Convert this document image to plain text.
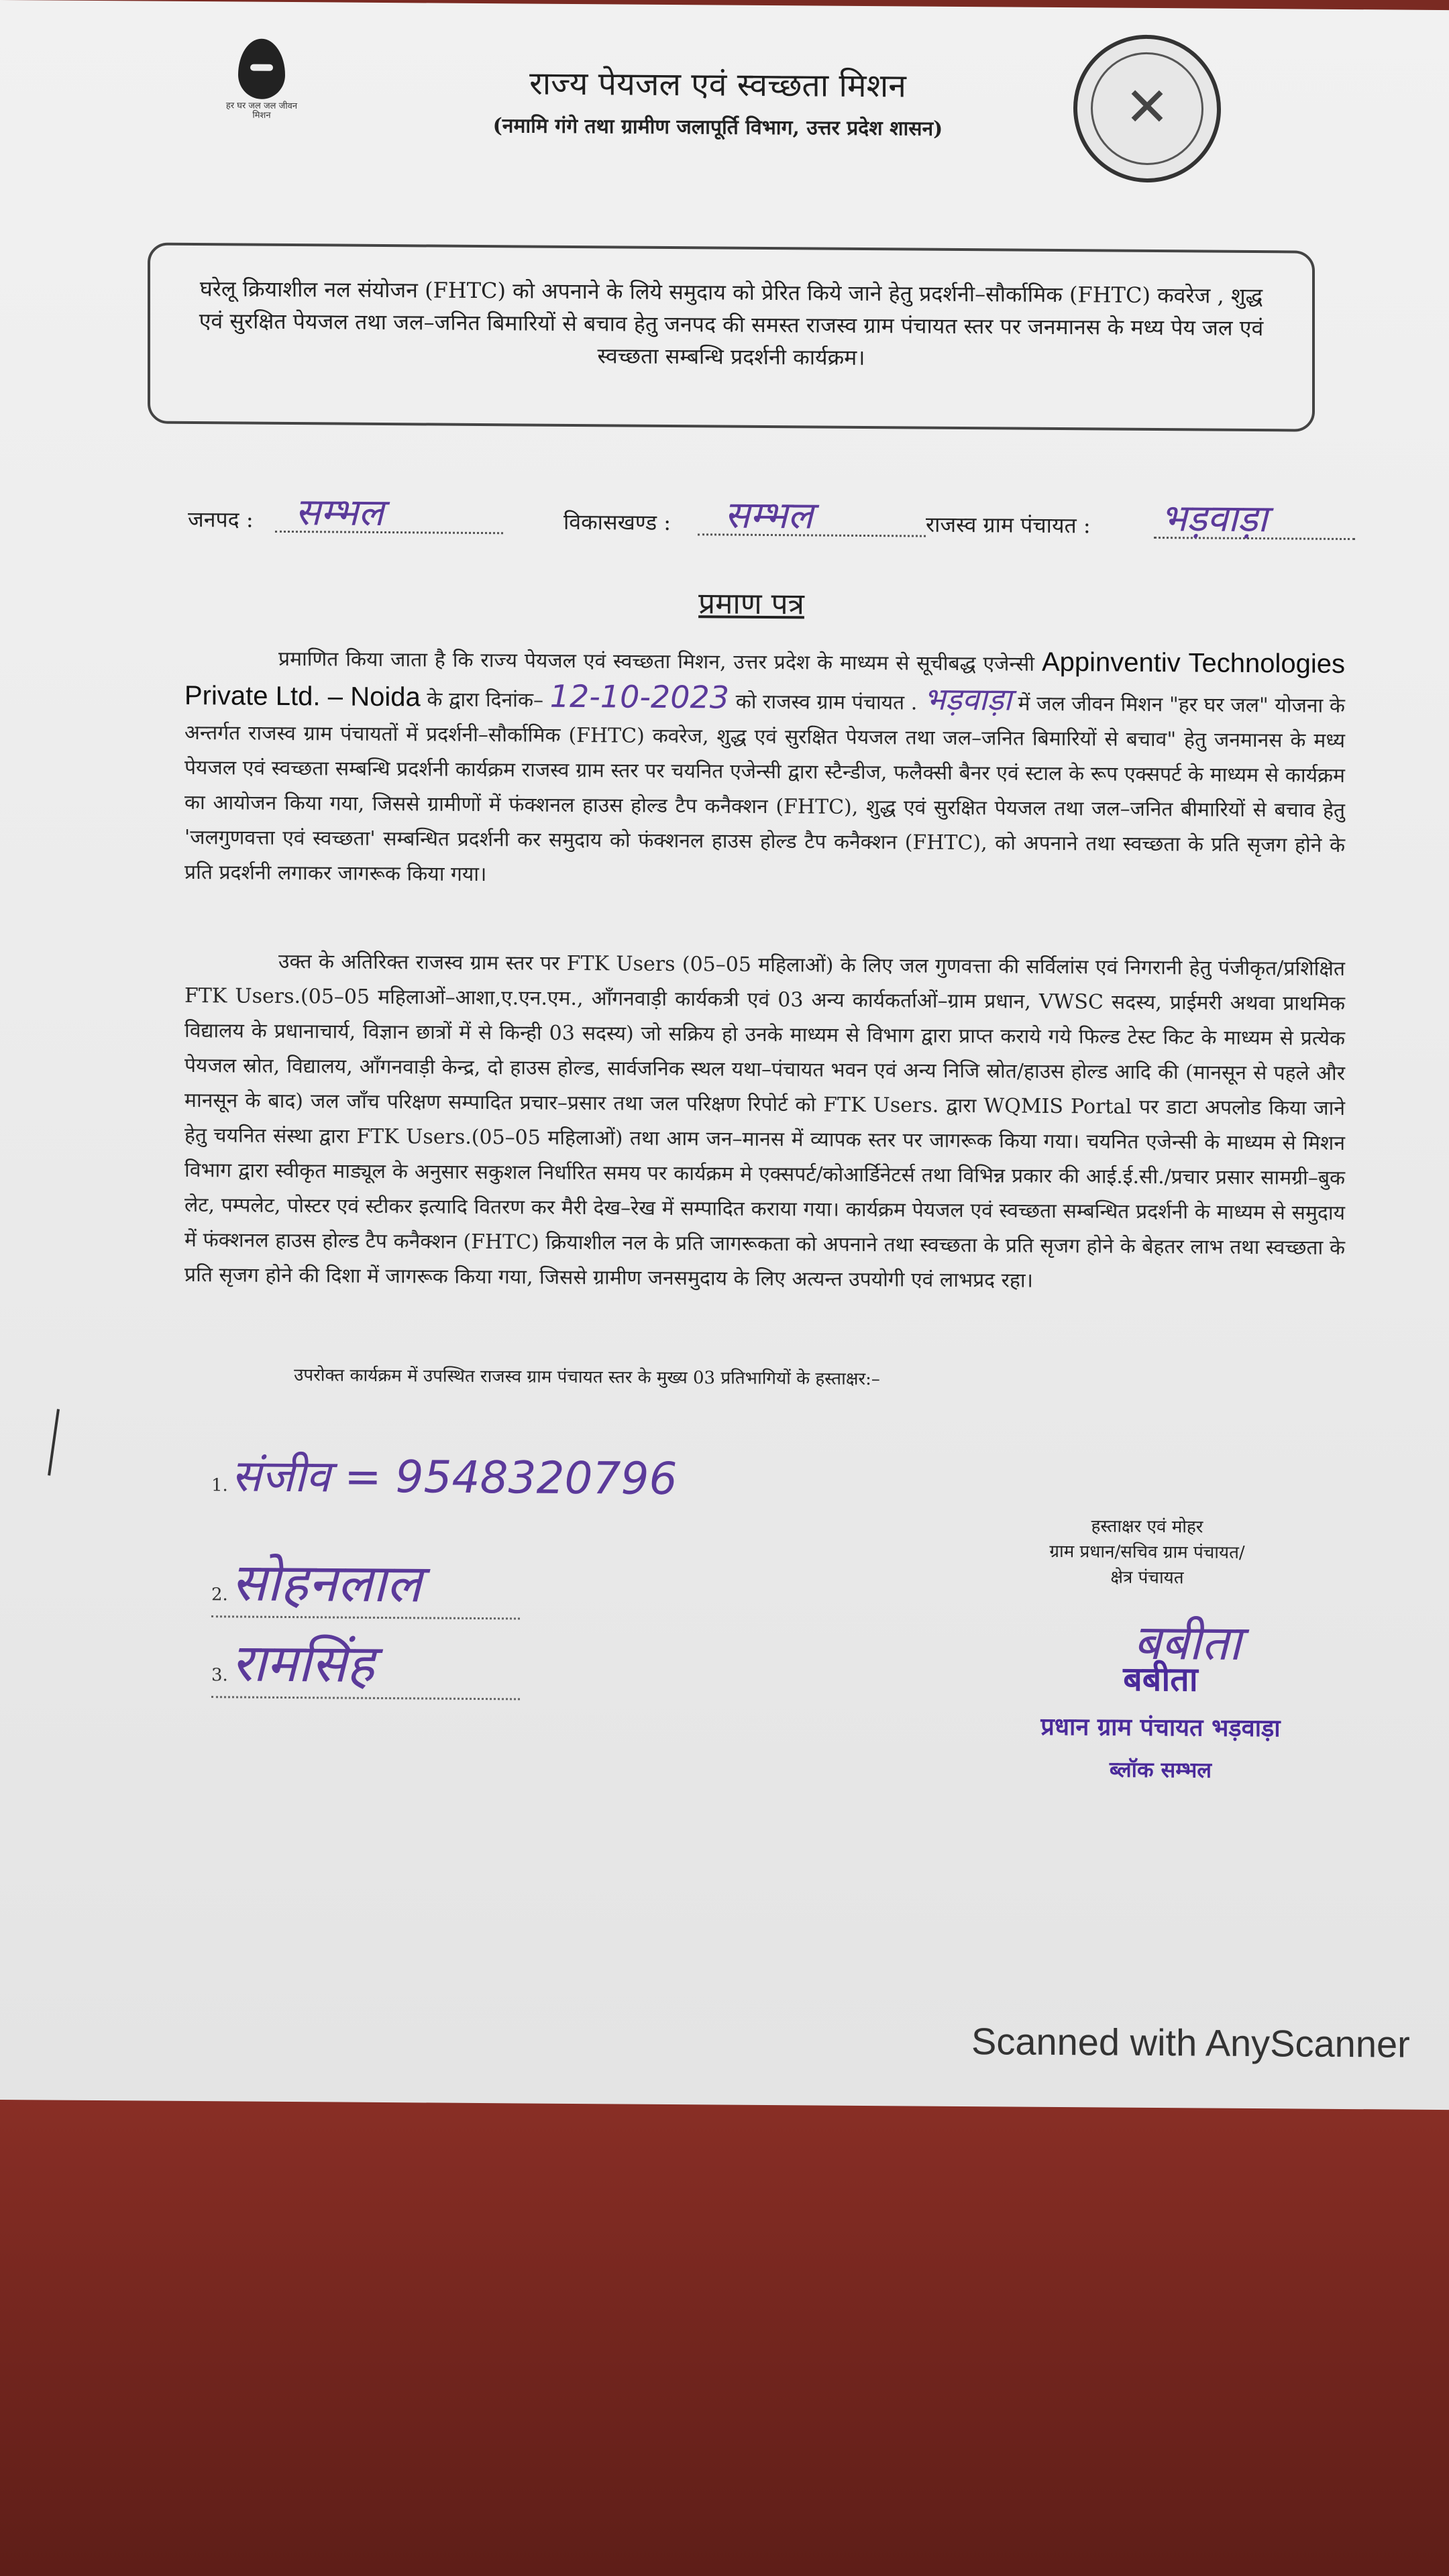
हर घर जल जल जीवन मिशन
राज्य पेयजल एवं स्वच्छता मिशन
(नमामि गंगे तथा ग्रामीण जलापूर्ति विभाग, उत्तर प्रदेश शासन)
✕
घरेलू क्रियाशील नल संयोजन (FHTC) को अपनाने के लिये समुदाय को प्रेरित किये जाने हेतु प्रदर्शनी–सौर्कामिक (FHTC) कवरेज , शुद्ध एवं सुरक्षित पेयजल तथा जल–जनित बिमारियों से बचाव हेतु जनपद की समस्त राजस्व ग्राम पंचायत स्तर पर जनमानस के मध्य पेय जल एवं स्वच्छता सम्बन्धि प्रदर्शनी कार्यक्रम।
जनपद : सम्भल	विकासखण्ड : सम्भल	राजस्व ग्राम पंचायत : भड़वाड़ा
प्रमाण पत्र
प्रमाणित किया जाता है कि राज्य पेयजल एवं स्वच्छता मिशन, उत्तर प्रदेश के माध्यम से सूचीबद्ध एजेन्सी Appinventiv Technologies Private Ltd. – Noida के द्वारा दिनांक– 12-10-2023 को राजस्व ग्राम पंचायत . भड़वाड़ा में जल जीवन मिशन "हर घर जल" योजना के अन्तर्गत राजस्व ग्राम पंचायतों में प्रदर्शनी–सौर्कामिक (FHTC) कवरेज, शुद्ध एवं सुरक्षित पेयजल तथा जल–जनित बिमारियों से बचाव" हेतु जनमानस के मध्य पेयजल एवं स्वच्छता सम्बन्धि प्रदर्शनी कार्यक्रम राजस्व ग्राम स्तर पर चयनित एजेन्सी द्वारा स्टैन्डीज, फलैक्सी बैनर एवं स्टाल के रूप एक्सपर्ट के माध्यम से कार्यक्रम का आयोजन किया गया, जिससे ग्रामीणों में फंक्शनल हाउस होल्ड टैप कनैक्शन (FHTC), शुद्ध एवं सुरक्षित पेयजल तथा जल–जनित बीमारियों से बचाव हेतु 'जलगुणवत्ता एवं स्वच्छता' सम्बन्धित प्रदर्शनी कर समुदाय को फंक्शनल हाउस होल्ड टैप कनैक्शन (FHTC), को अपनाने तथा स्वच्छता के प्रति सृजग होने के प्रति प्रदर्शनी लगाकर जागरूक किया गया।
उक्त के अतिरिक्त राजस्व ग्राम स्तर पर FTK Users (05–05 महिलाओं) के लिए जल गुणवत्ता की सर्विलांस एवं निगरानी हेतु पंजीकृत/प्रशिक्षित FTK Users.(05–05 महिलाओं–आशा,ए.एन.एम., आँगनवाड़ी कार्यकत्री एवं 03 अन्य कार्यकर्ताओं–ग्राम प्रधान, VWSC सदस्य, प्राईमरी अथवा प्राथमिक विद्यालय के प्रधानाचार्य, विज्ञान छात्रों में से किन्ही 03 सदस्य) जो सक्रिय हो उनके माध्यम से विभाग द्वारा प्राप्त कराये गये फिल्ड टेस्ट किट के माध्यम से प्रत्येक पेयजल स्रोत, विद्यालय, आँगनवाड़ी केन्द्र, दो हाउस होल्ड, सार्वजनिक स्थल यथा–पंचायत भवन एवं अन्य निजि स्रोत/हाउस होल्ड आदि की (मानसून से पहले और मानसून के बाद) जल जाँच परिक्षण सम्पादित प्रचार–प्रसार तथा जल परिक्षण रिपोर्ट को FTK Users. द्वारा WQMIS Portal पर डाटा अपलोड किया जाने हेतु चयनित संस्था द्वारा FTK Users.(05–05 महिलाओं) तथा आम जन–मानस में व्यापक स्तर पर जागरूक किया गया। चयनित एजेन्सी के माध्यम से मिशन विभाग द्वारा स्वीकृत माड्यूल के अनुसार सकुशल निर्धारित समय पर कार्यक्रम मे एक्सपर्ट/कोआर्डिनेटर्स तथा विभिन्न प्रकार की आई.ई.सी./प्रचार प्रसार सामग्री–बुक लेट, पम्पलेट, पोस्टर एवं स्टीकर इत्यादि वितरण कर मैरी देख–रेख में सम्पादित कराया गया। कार्यक्रम पेयजल एवं स्वच्छता सम्बन्धित प्रदर्शनी के माध्यम से समुदाय में फंक्शनल हाउस होल्ड टैप कनैक्शन (FHTC) क्रियाशील नल के प्रति जागरूकता को अपनाने तथा स्वच्छता के प्रति सृजग होने के बेहतर लाभ तथा स्वच्छता के प्रति सृजग होने की दिशा में जागरूक किया गया, जिससे ग्रामीण जनसमुदाय के लिए अत्यन्त उपयोगी एवं लाभप्रद रहा।
उपरोक्त कार्यक्रम में उपस्थित राजस्व ग्राम पंचायत स्तर के मुख्य 03 प्रतिभागियों के हस्ताक्षर:–
1. संजीव = 9548320796
2. सोहनलाल
3. रामसिंह
हस्ताक्षर एवं मोहर
ग्राम प्रधान/सचिव ग्राम पंचायत/
क्षेत्र पंचायत
बबीता
बबीता
प्रधान ग्राम पंचायत भड़वाड़ा
ब्लॉक सम्भल
Scanned with AnyScanner
